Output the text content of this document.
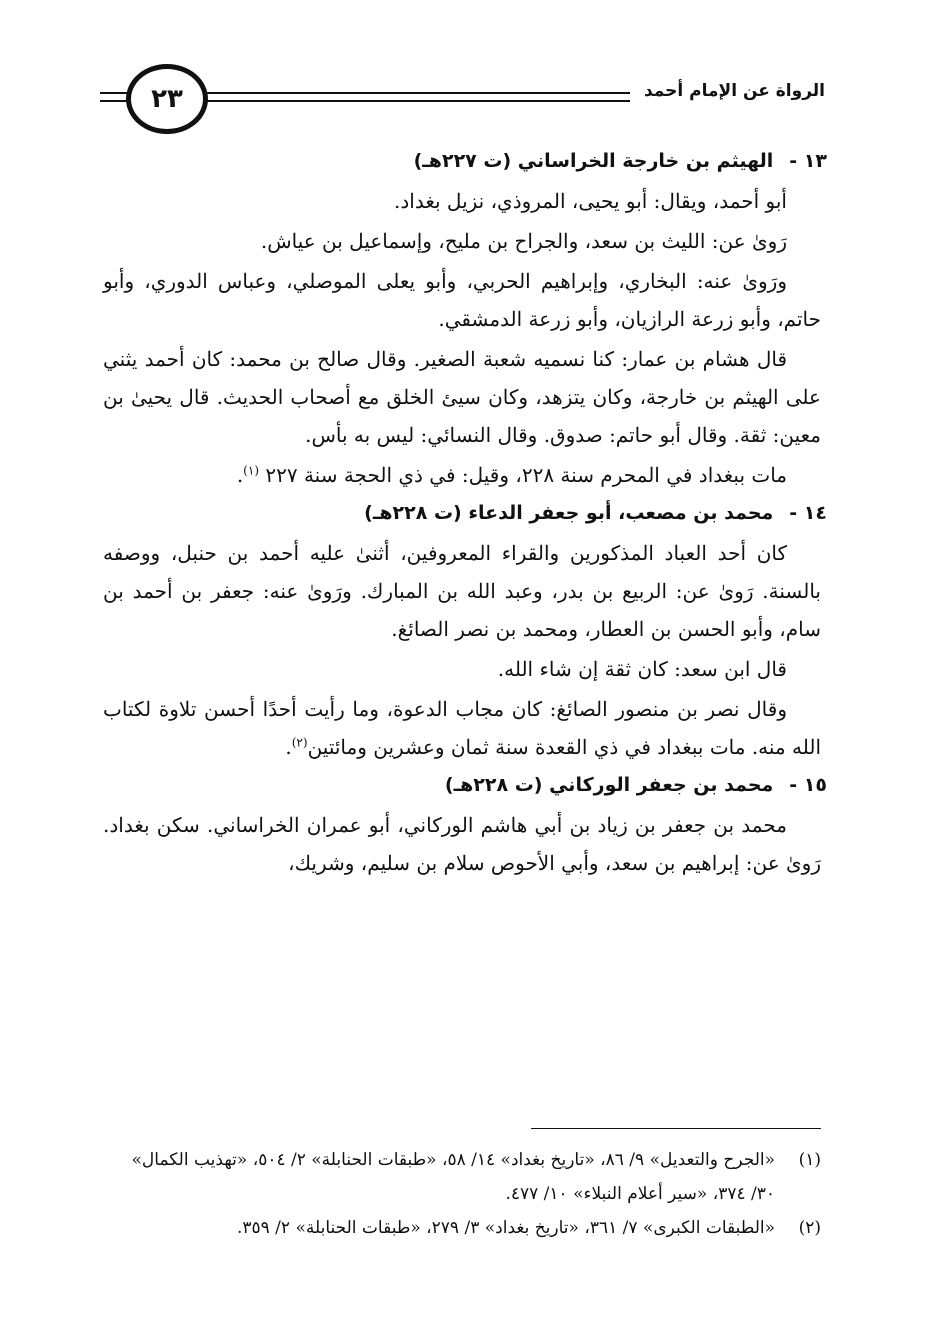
الرواة عن الإمام أحمد
٢٣
١٣ -
الهيثم بن خارجة الخراساني (ت ٢٢٧هـ)

أبو أحمد، ويقال: أبو يحيى، المروذي، نزيل بغداد.

رَوىٰ عن: الليث بن سعد، والجراح بن مليح، وإسماعيل بن عياش.

ورَوىٰ عنه: البخاري، وإبراهيم الحربي، وأبو يعلى الموصلي، وعباس الدوري، وأبو حاتم، وأبو زرعة الرازيان، وأبو زرعة الدمشقي.

قال هشام بن عمار: كنا نسميه شعبة الصغير. وقال صالح بن محمد: كان أحمد يثني على الهيثم بن خارجة، وكان يتزهد، وكان سيئ الخلق مع أصحاب الحديث. قال يحيىٰ بن معين: ثقة. وقال أبو حاتم: صدوق. وقال النسائي: ليس به بأس.

مات ببغداد في المحرم سنة ٢٢٨، وقيل: في ذي الحجة سنة ٢٢٧ $^{(١)}$.

١٤ -
محمد بن مصعب، أبو جعفر الدعاء (ت ٢٢٨هـ)

كان أحد العباد المذكورين والقراء المعروفين، أثنىٰ عليه أحمد بن حنبل، ووصفه بالسنة. رَوىٰ عن: الربيع بن بدر، وعبد الله بن المبارك. ورَوىٰ عنه: جعفر بن أحمد بن سام، وأبو الحسن بن العطار، ومحمد بن نصر الصائغ.

قال ابن سعد: كان ثقة إن شاء الله.

وقال نصر بن منصور الصائغ: كان مجاب الدعوة، وما رأيت أحدًا أحسن تلاوة لكتاب الله منه. مات ببغداد في ذي القعدة سنة ثمان وعشرين ومائتين$^{(٢)}$.

١٥ -
محمد بن جعفر الوركاني (ت ٢٢٨هـ)

محمد بن جعفر بن زياد بن أبي هاشم الوركاني، أبو عمران الخراساني. سكن بغداد. رَوىٰ عن: إبراهيم بن سعد، وأبي الأحوص سلام بن سليم، وشريك،

(١)
«الجرح والتعديل» ٩/ ٨٦، «تاريخ بغداد» ١٤/ ٥٨، «طبقات الحنابلة» ٢/ ٥٠٤، «تهذيب الكمال» ٣٠/ ٣٧٤، «سير أعلام النبلاء» ١٠/ ٤٧٧.
(٢)
«الطبقات الكبرى» ٧/ ٣٦١، «تاريخ بغداد» ٣/ ٢٧٩، «طبقات الحنابلة» ٢/ ٣٥٩.
